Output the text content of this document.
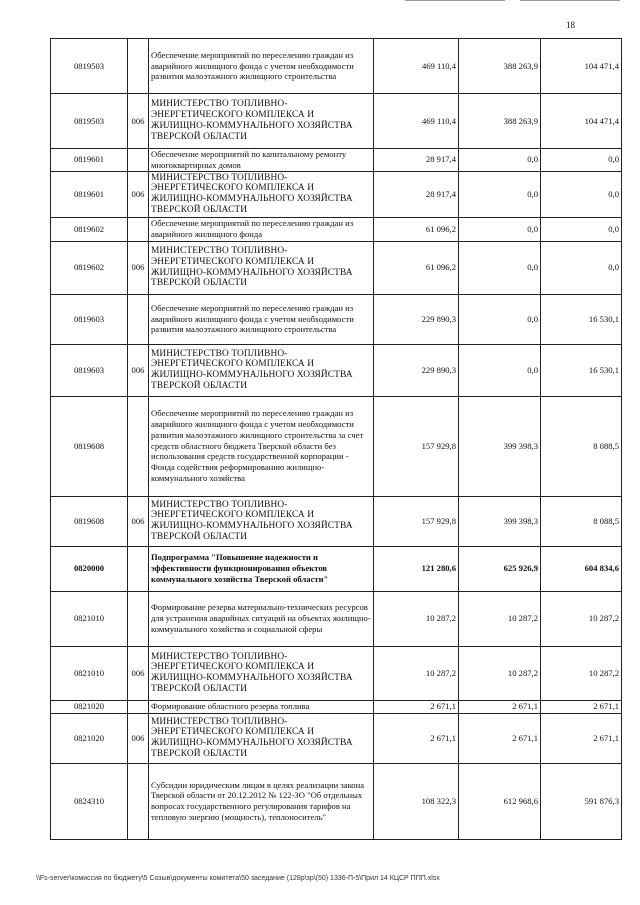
18
0819503		Обеспечение мероприятий по переселению граждан из аварийного жилищного фонда с учетом необходимости развития малоэтажного жилищного строительства	469 110,4	388 263,9	104 471,4
0819503	006	МИНИСТЕРСТВО ТОПЛИВНО-ЭНЕРГЕТИЧЕСКОГО КОМПЛЕКСА И ЖИЛИЩНО-КОММУНАЛЬНОГО ХОЗЯЙСТВА ТВЕРСКОЙ ОБЛАСТИ	469 110,4	388 263,9	104 471,4
0819601		Обеспечение мероприятий по капитальному ремонту многоквартирных домов	28 917,4	0,0	0,0
0819601	006	МИНИСТЕРСТВО ТОПЛИВНО-ЭНЕРГЕТИЧЕСКОГО КОМПЛЕКСА И ЖИЛИЩНО-КОММУНАЛЬНОГО ХОЗЯЙСТВА ТВЕРСКОЙ ОБЛАСТИ	28 917,4	0,0	0,0
0819602		Обеспечение мероприятий по переселению граждан из аварийного жилищного фонда	61 096,2	0,0	0,0
0819602	006	МИНИСТЕРСТВО ТОПЛИВНО-ЭНЕРГЕТИЧЕСКОГО КОМПЛЕКСА И ЖИЛИЩНО-КОММУНАЛЬНОГО ХОЗЯЙСТВА ТВЕРСКОЙ ОБЛАСТИ	61 096,2	0,0	0,0
0819603		Обеспечение мероприятий по переселению граждан из аварийного жилищного фонда с учетом необходимости развития малоэтажного жилищного строительства	229 890,3	0,0	16 530,1
0819603	006	МИНИСТЕРСТВО ТОПЛИВНО-ЭНЕРГЕТИЧЕСКОГО КОМПЛЕКСА И ЖИЛИЩНО-КОММУНАЛЬНОГО ХОЗЯЙСТВА ТВЕРСКОЙ ОБЛАСТИ	229 890,3	0,0	16 530,1
0819608		Обеспечение мероприятий по переселению граждан из аварийного жилищного фонда с учетом необходимости развития малоэтажного жилищного строительства за счет средств областного бюджета Тверской области без использования средств государственной корпорации - Фонда содействия реформированию жилищно-коммунального хозяйства	157 929,8	399 398,3	8 088,5
0819608	006	МИНИСТЕРСТВО ТОПЛИВНО-ЭНЕРГЕТИЧЕСКОГО КОМПЛЕКСА И ЖИЛИЩНО-КОММУНАЛЬНОГО ХОЗЯЙСТВА ТВЕРСКОЙ ОБЛАСТИ	157 929,8	399 398,3	8 088,5
0820000		Подпрограмма "Повышение надежности и эффективности функционирования объектов коммунального хозяйства Тверской области"	121 280,6	625 926,9	604 834,6
0821010		Формирование резерва материально-технических ресурсов для устранения аварийных ситуаций на объектах жилищно-коммунального хозяйства и социальной сферы	10 287,2	10 287,2	10 287,2
0821010	006	МИНИСТЕРСТВО ТОПЛИВНО-ЭНЕРГЕТИЧЕСКОГО КОМПЛЕКСА И ЖИЛИЩНО-КОММУНАЛЬНОГО ХОЗЯЙСТВА ТВЕРСКОЙ ОБЛАСТИ	10 287,2	10 287,2	10 287,2
0821020		Формирование областного резерва топлива	2 671,1	2 671,1	2 671,1
0821020	006	МИНИСТЕРСТВО ТОПЛИВНО-ЭНЕРГЕТИЧЕСКОГО КОМПЛЕКСА И ЖИЛИЩНО-КОММУНАЛЬНОГО ХОЗЯЙСТВА ТВЕРСКОЙ ОБЛАСТИ	2 671,1	2 671,1	2 671,1
0824310		Субсидии юридическим лицам в целях реализации закона Тверской области от 20.12.2012 № 122-ЗО "Об отдельных вопросах государственного регулирования тарифов на тепловую энергию (мощность), теплоноситель"	108 322,3	612 968,6	591 876,3
\\Fs-server\комиссия по бюджету\5 Созыв\документы комитета\50 заседание (128р\зр\(50) 1336-П-5\Прил 14 КЦСР ППП.xlsx
